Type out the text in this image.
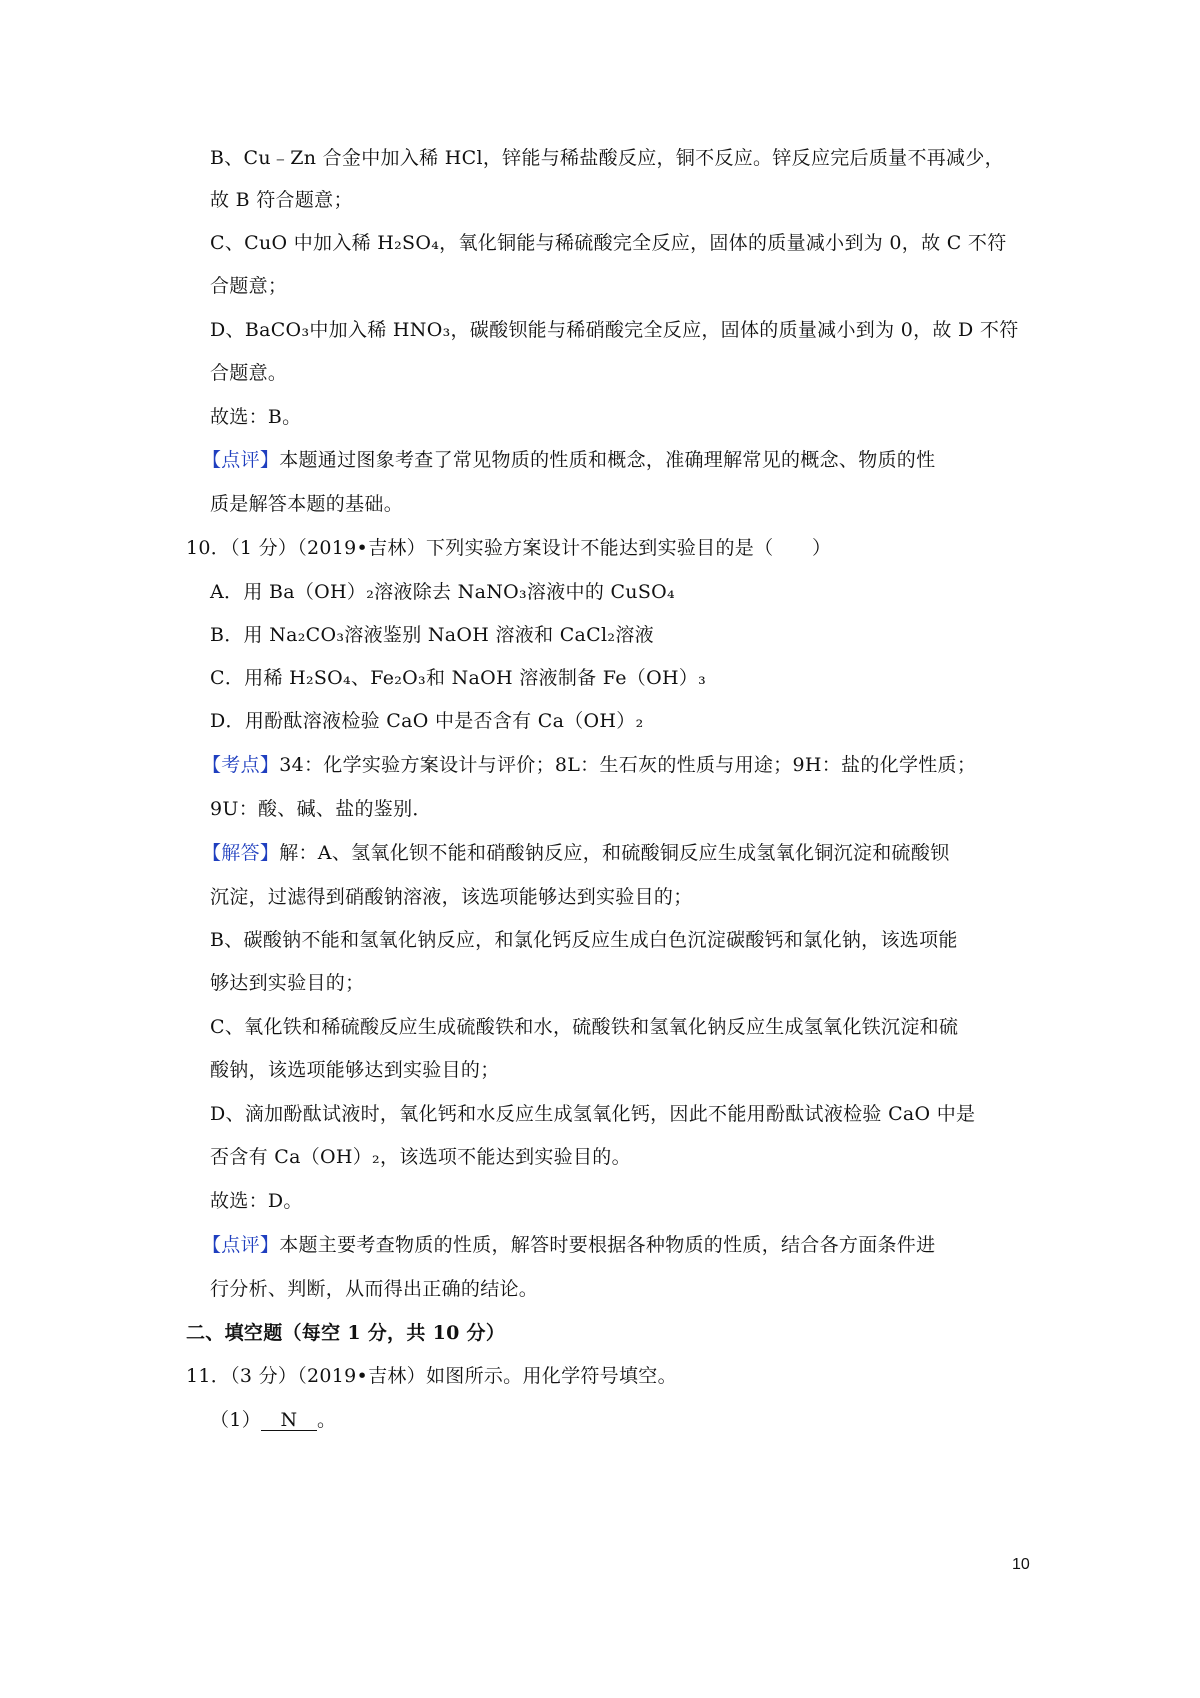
B、Cu﹣Zn 合金中加入稀 HCl，锌能与稀盐酸反应，铜不反应。锌反应完后质量不再减少，
故 B 符合题意；
C、CuO 中加入稀 H₂SO₄，氧化铜能与稀硫酸完全反应，固体的质量减小到为 0，故 C 不符
合题意；
D、BaCO₃中加入稀 HNO₃，碳酸钡能与稀硝酸完全反应，固体的质量减小到为 0，故 D 不符
合题意。
故选：B。
【点评】本题通过图象考查了常见物质的性质和概念，准确理解常见的概念、物质的性
质是解答本题的基础。
10．（1 分）（2019•吉林）下列实验方案设计不能达到实验目的是（　　）
A．用 Ba（OH）₂溶液除去 NaNO₃溶液中的 CuSO₄
B．用 Na₂CO₃溶液鉴别 NaOH 溶液和 CaCl₂溶液
C．用稀 H₂SO₄、Fe₂O₃和 NaOH 溶液制备 Fe（OH）₃
D．用酚酞溶液检验 CaO 中是否含有 Ca（OH）₂
【考点】34：化学实验方案设计与评价；8L：生石灰的性质与用途；9H：盐的化学性质；
9U：酸、碱、盐的鉴别．
【解答】解：A、氢氧化钡不能和硝酸钠反应，和硫酸铜反应生成氢氧化铜沉淀和硫酸钡
沉淀，过滤得到硝酸钠溶液，该选项能够达到实验目的；
B、碳酸钠不能和氢氧化钠反应，和氯化钙反应生成白色沉淀碳酸钙和氯化钠，该选项能
够达到实验目的；
C、氧化铁和稀硫酸反应生成硫酸铁和水，硫酸铁和氢氧化钠反应生成氢氧化铁沉淀和硫
酸钠，该选项能够达到实验目的；
D、滴加酚酞试液时，氧化钙和水反应生成氢氧化钙，因此不能用酚酞试液检验 CaO 中是
否含有 Ca（OH）₂，该选项不能达到实验目的。
故选：D。
【点评】本题主要考查物质的性质，解答时要根据各种物质的性质，结合各方面条件进
行分析、判断，从而得出正确的结论。
二、填空题（每空 1 分，共 10 分）
11．（3 分）（2019•吉林）如图所示。用化学符号填空。
（1） N 。
10
